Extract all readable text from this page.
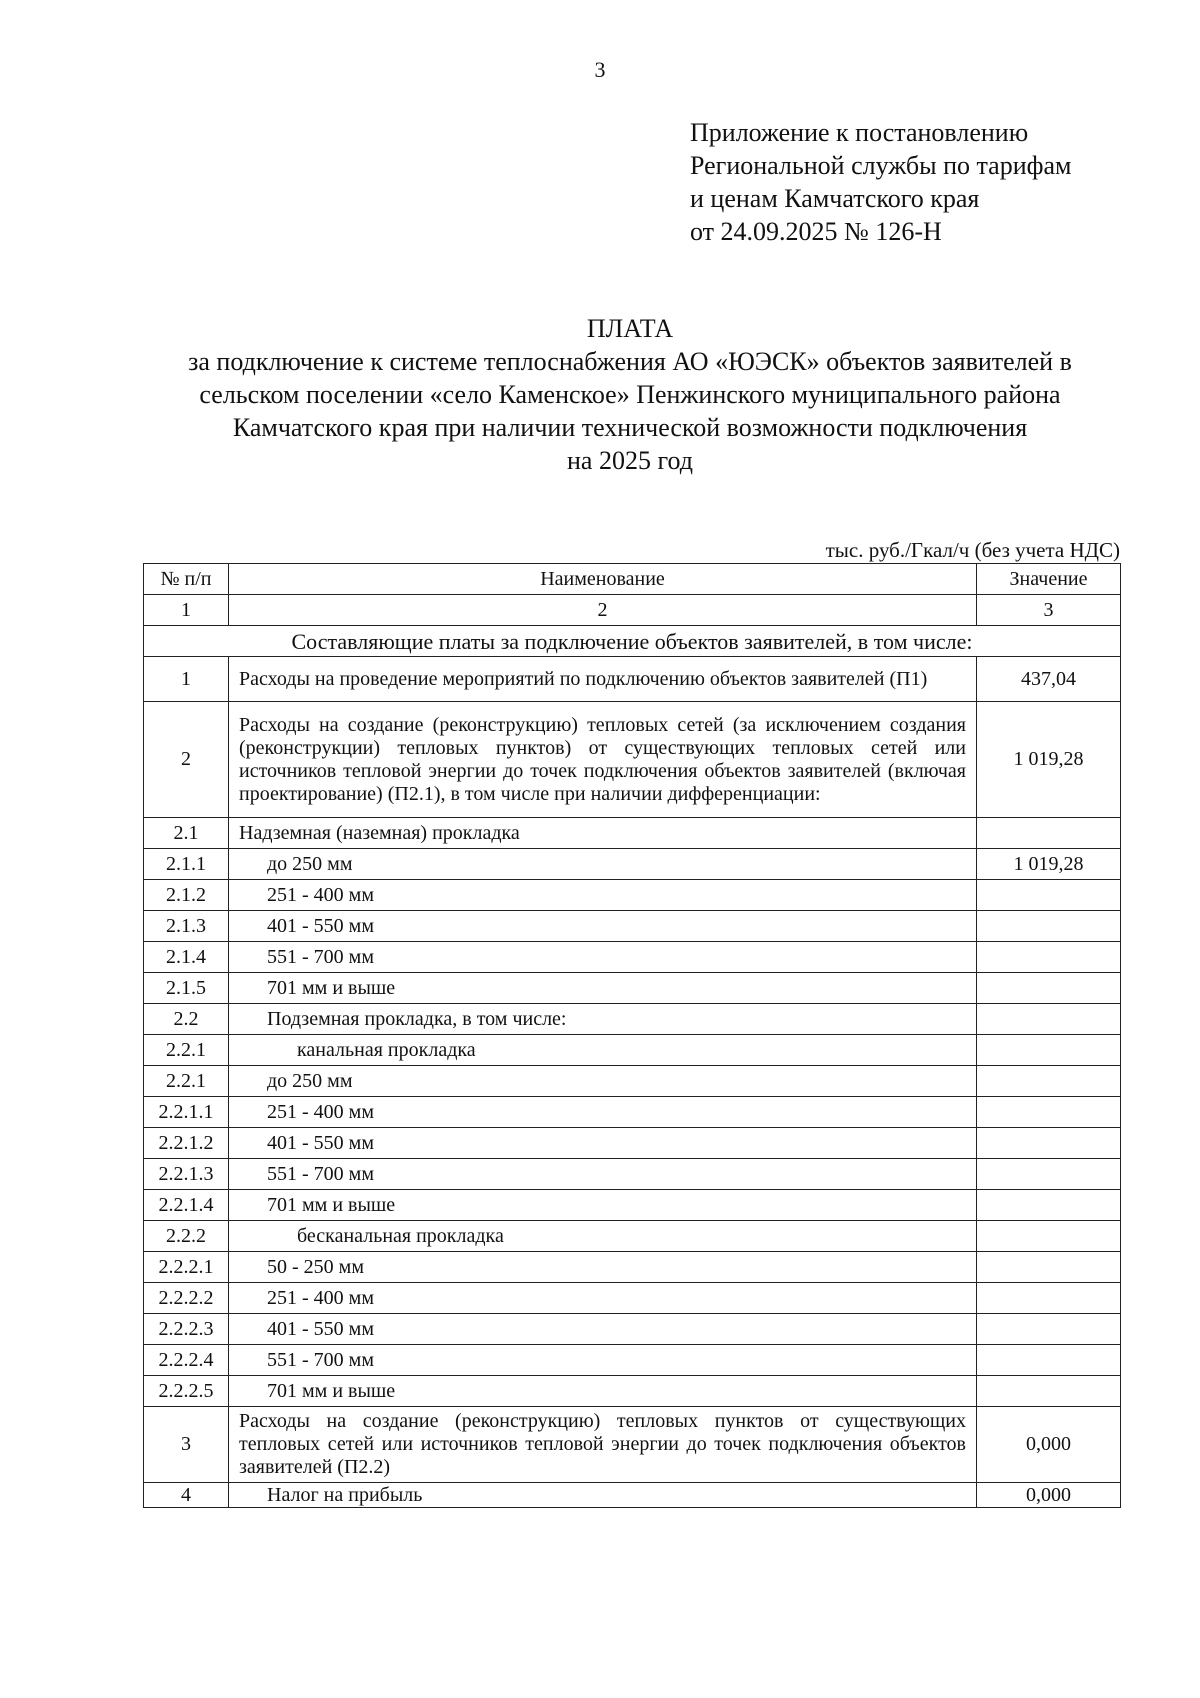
3
Приложение к постановлению
Региональной службы по тарифам
и ценам Камчатского края
от 24.09.2025 № 126-Н
ПЛАТА
за подключение к системе теплоснабжения АО «ЮЭСК» объектов заявителей в
сельском поселении «село Каменское» Пенжинского муниципального района
Камчатского края при наличии технической возможности подключения
на 2025 год
тыс. руб./Гкал/ч (без учета НДС)
№ п/п	Наименование	Значение
1	2	3
Составляющие платы за подключение объектов заявителей, в том числе:		
1	Расходы на проведение мероприятий по подключению объектов заявителей (П1)	437,04
2	Расходы на создание (реконструкцию) тепловых сетей (за исключением создания (реконструкции) тепловых пунктов) от существующих тепловых сетей или источников тепловой энергии до точек подключения объектов заявителей (включая проектирование) (П2.1), в том числе при наличии дифференциации:	1 019,28
2.1	Надземная (наземная) прокладка	
2.1.1	до 250 мм	1 019,28
2.1.2	251 - 400 мм	
2.1.3	401 - 550 мм	
2.1.4	551 - 700 мм	
2.1.5	701 мм и выше	
2.2	Подземная прокладка, в том числе:	
2.2.1	канальная прокладка	
2.2.1	до 250 мм	
2.2.1.1	251 - 400 мм	
2.2.1.2	401 - 550 мм	
2.2.1.3	551 - 700 мм	
2.2.1.4	701 мм и выше	
2.2.2	бесканальная прокладка	
2.2.2.1	50 - 250 мм	
2.2.2.2	251 - 400 мм	
2.2.2.3	401 - 550 мм	
2.2.2.4	551 - 700 мм	
2.2.2.5	701 мм и выше	
3	Расходы на создание (реконструкцию) тепловых пунктов от существующих тепловых сетей или источников тепловой энергии до точек подключения объектов заявителей (П2.2)	0,000
4	Налог на прибыль	0,000
